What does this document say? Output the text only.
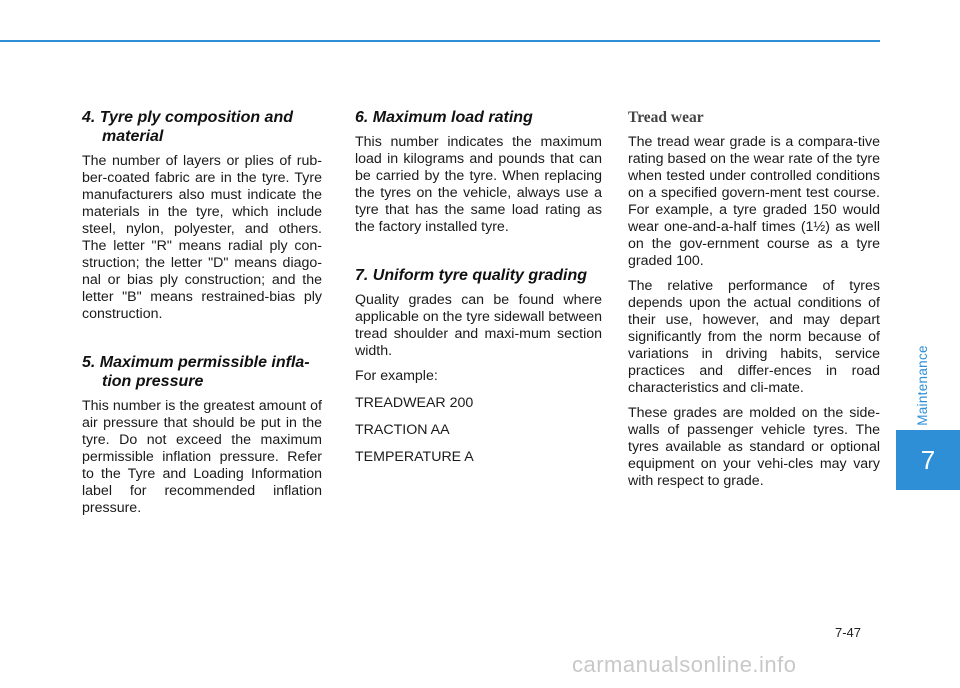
4. Tyre ply composition and material

The number of layers or plies of rub-ber-coated fabric are in the tyre. Tyre manufacturers also must indicate the materials in the tyre, which include steel, nylon, polyester, and others. The letter "R" means radial ply con-struction; the letter "D" means diago-nal or bias ply construction; and the letter "B" means restrained-bias ply construction.

5. Maximum permissible infla-tion pressure

This number is the greatest amount of air pressure that should be put in the tyre. Do not exceed the maximum permissible inflation pressure. Refer to the Tyre and Loading Information label for recommended inflation pressure.

6. Maximum load rating

This number indicates the maximum load in kilograms and pounds that can be carried by the tyre. When replacing the tyres on the vehicle, always use a tyre that has the same load rating as the factory installed tyre.

7. Uniform tyre quality grading

Quality grades can be found where applicable on the tyre sidewall between tread shoulder and maxi-mum section width.

For example:

TREADWEAR 200

TRACTION AA

TEMPERATURE A

Tread wear

The tread wear grade is a compara-tive rating based on the wear rate of the tyre when tested under controlled conditions on a specified govern-ment test course. For example, a tyre graded 150 would wear one-and-a-half times (1½) as well on the gov-ernment course as a tyre graded 100.

The relative performance of tyres depends upon the actual conditions of their use, however, and may depart significantly from the norm because of variations in driving habits, service practices and differ-ences in road characteristics and cli-mate.

These grades are molded on the side-walls of passenger vehicle tyres. The tyres available as standard or optional equipment on your vehi-cles may vary with respect to grade.

Maintenance
7
7-47
carmanualsonline.info
